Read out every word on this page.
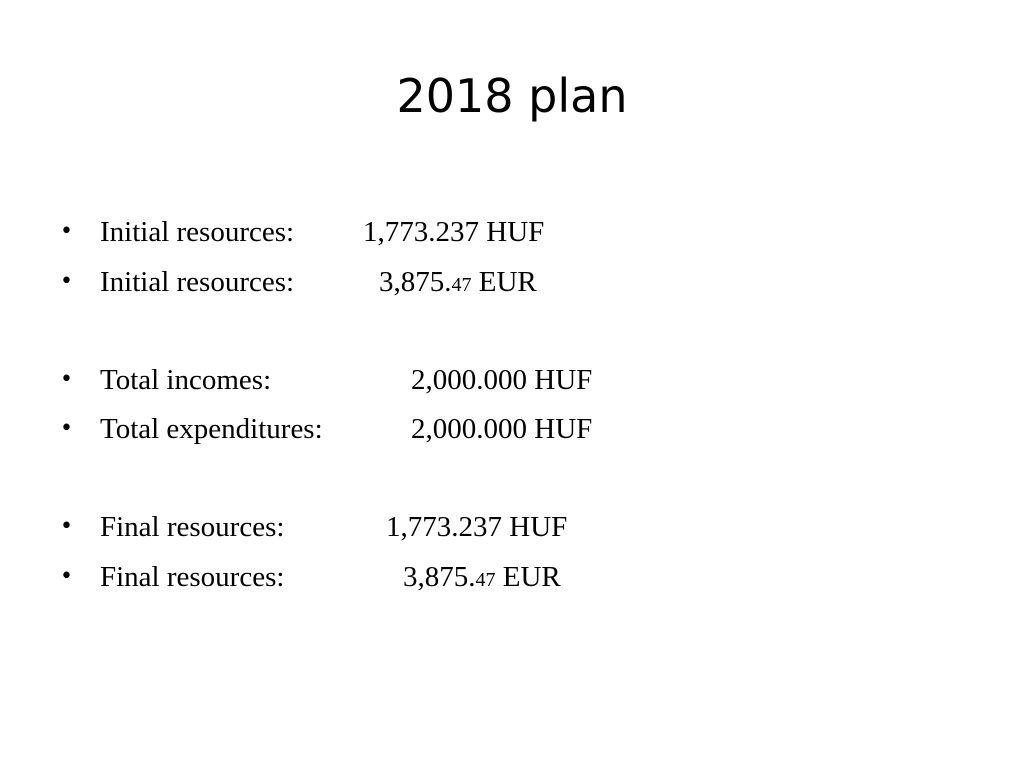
2018 plan
• Initial resources: 1,773.237 HUF
• Initial resources:	3,875.47 EUR
• Total incomes:	2,000.000 HUF
• Total expenditures:	2,000.000 HUF
• Final resources:	1,773.237 HUF
• Final resources:	3,875.47 EUR
